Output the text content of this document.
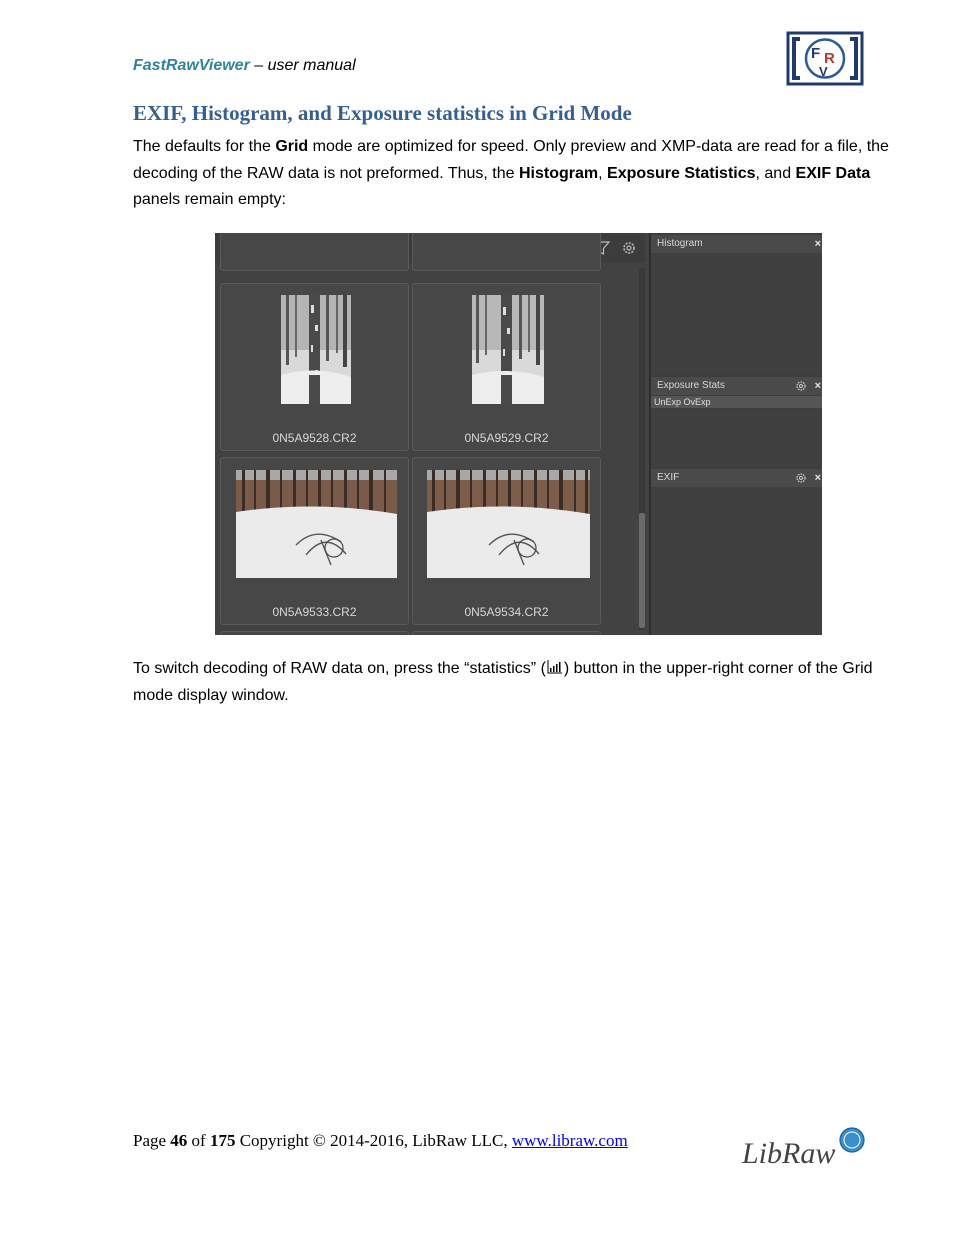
FastRawViewer – user manual
F R
V
EXIF, Histogram, and Exposure statistics in Grid Mode

The defaults for the Grid mode are optimized for speed. Only preview and XMP-data are read for a file, the decoding of the RAW data is not preformed. Thus, the Histogram, Exposure Statistics, and EXIF Data panels remain empty:

0N5A9528.CR2	0N5A9529.CR2
0N5A9533.CR2	0N5A9534.CR2
Histogram	×
Exposure Stats	×
UnExp OvExp
EXIF	×

To switch decoding of RAW data on, press the “statistics” ( ) button in the upper-right corner of the Grid mode display window.

Page 46 of 175 Copyright © 2014-2016, LibRaw LLC, www.libraw.com	LibRaw
